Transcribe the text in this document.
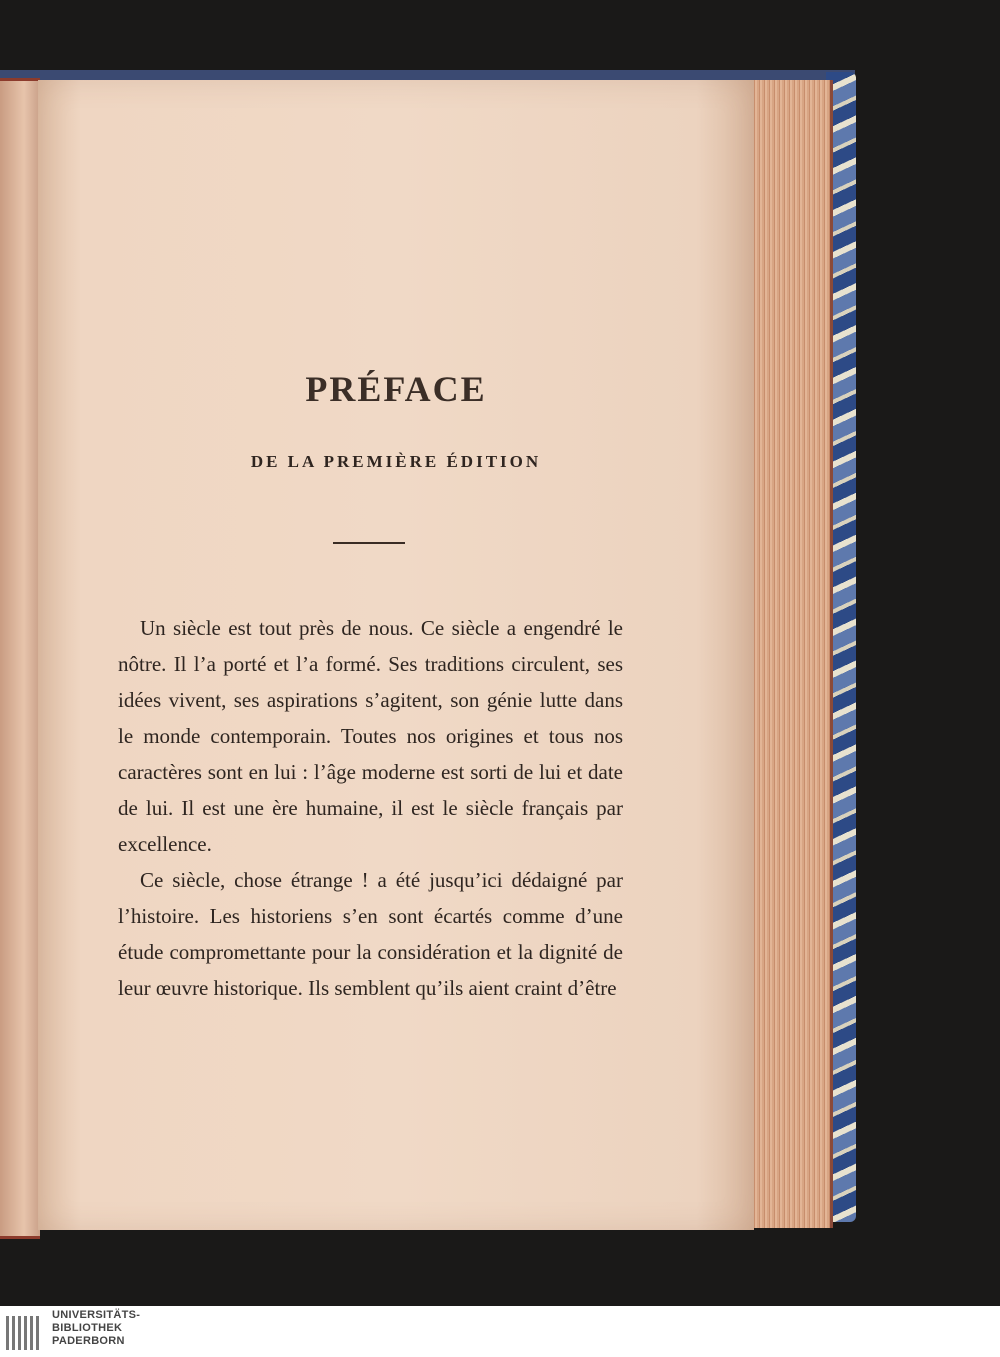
PRÉFACE
DE LA PREMIÈRE ÉDITION

Un siècle est tout près de nous. Ce siècle a engendré le nôtre. Il l’a porté et l’a formé. Ses traditions circulent, ses idées vivent, ses aspirations s’agitent, son génie lutte dans le monde contemporain. Toutes nos origines et tous nos caractères sont en lui : l’âge moderne est sorti de lui et date de lui. Il est une ère humaine, il est le siècle français par excellence.

Ce siècle, chose étrange ! a été jusqu’ici dédaigné par l’histoire. Les historiens s’en sont écartés comme d’une étude compromettante pour la considération et la dignité de leur œuvre historique. Ils semblent qu’ils aient craint d’être

UNIVERSITÄTS-
BIBLIOTHEK
PADERBORN
